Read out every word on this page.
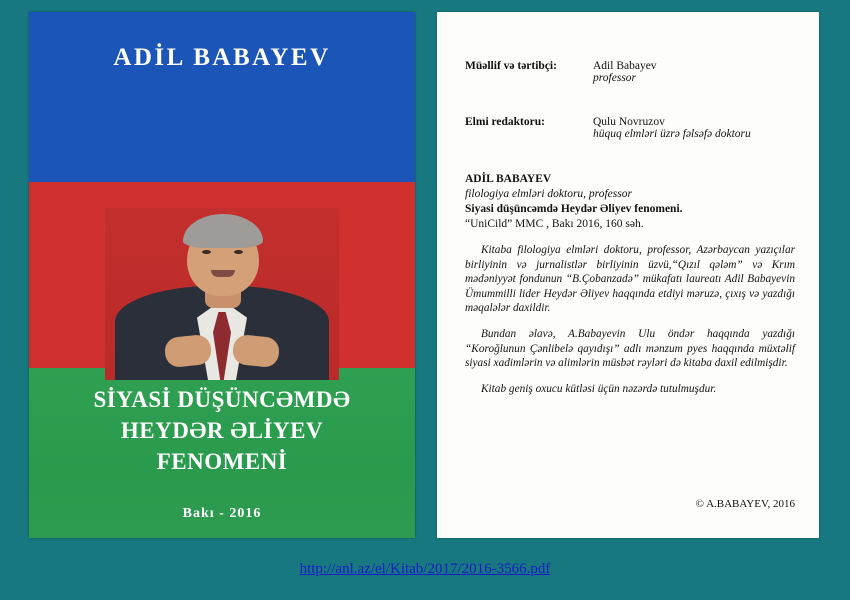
ADİL BABAYEV
SİYASİ DÜŞÜNCƏMDƏ
HEYDƏR ƏLİYEV
FENOMENİ
Bakı - 2016
Müəllif və tərtibçi:	Adil Babayev
professor
Elmi redaktoru:	Qulu Novruzov
hüquq elmləri üzrə fəlsəfə doktoru
ADİL BABAYEV
filologiya elmləri doktoru, professor
Siyasi düşüncəmdə Heydər Əliyev fenomeni.
“UniCild” MMC , Bakı 2016, 160 səh.
Kitaba filologiya elmləri doktoru, professor, Azərbaycan yazıçılar birliyinin və jurnalistlər birliyinin üzvü,“Qızıl qələm” və Krım mədəniyyət fondunun “B.Çobanzadə” mükafatı laureatı Adil Babayevin Ümummilli lider Heydər Əliyev haqqında etdiyi məruzə, çıxış və yazdığı məqalələr daxildir.
Bundan əlavə, A.Babayevin Ulu öndər haqqında yazdığı “Koroğlunun Çənlibelə qayıdışı” adlı mənzum pyes haqqında müxtəlif siyasi xadimlərin və alimlərin müsbət rəyləri də kitaba daxil edilmişdir.
Kitab geniş oxucu kütləsi üçün nəzərdə tutulmuşdur.
© A.BABAYEV, 2016
http://anl.az/el/Kitab/2017/2016-3566.pdf
